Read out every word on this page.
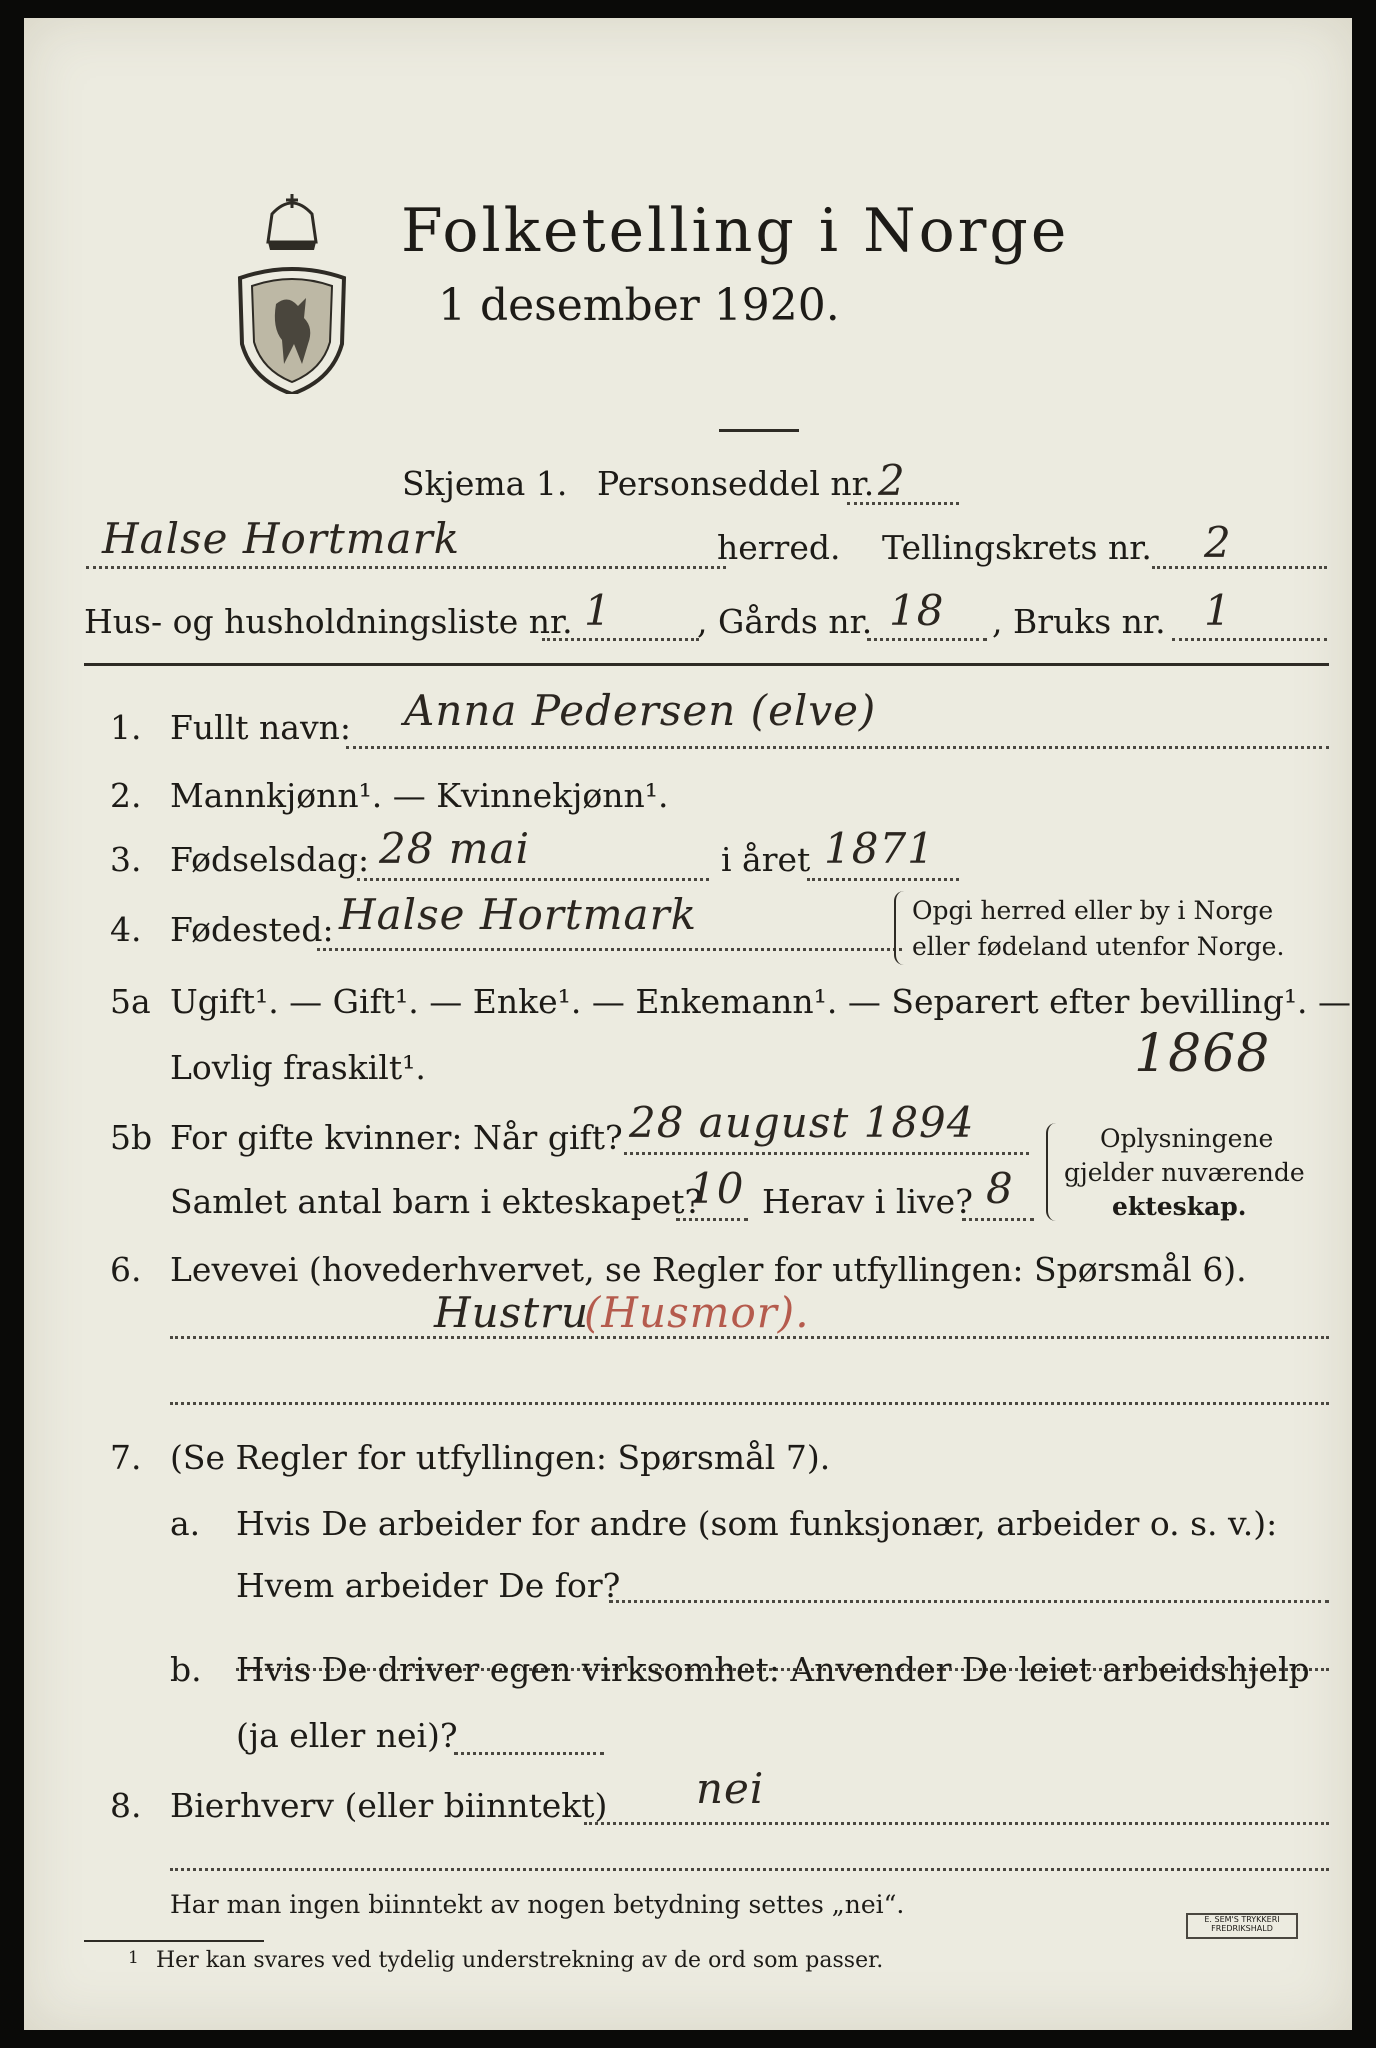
Folketelling i Norge
1 desember 1920.
Skjema 1. Personseddel nr. 2
Halse Hortmark	herred. Tellingskrets nr. 2
Hus- og husholdningsliste nr. 1	, Gårds nr. 18 , Bruks nr. 1
1. Fullt navn: Anna Pedersen (elve)
2. Mannkjønn¹. — Kvinnekjønn¹.
3. Fødselsdag: 28 mai	i året 1871
4. Fødested: Halse Hortmark	Opgi herred eller by i Norge
eller fødeland utenfor Norge.
5a Ugift¹. — Gift¹. — Enke¹. — Enkemann¹. — Separert efter bevilling¹. —
Lovlig fraskilt¹.	1868
5b For gifte kvinner: Når gift? 28 august 1894
Samlet antal barn i ekteskapet?
10 Herav i live? 8
Oplysningene
gjelder nuværende
ekteskap.
6. Levevei (hovederhvervet, se Regler for utfyllingen: Spørsmål 6).
Hustru
(Husmor).
7. (Se Regler for utfyllingen: Spørsmål 7).
a. Hvis De arbeider for andre (som funksjonær, arbeider o. s. v.):
Hvem arbeider De for?
b. Hvis De driver egen virksomhet: Anvender De leiet arbeidshjelp
(ja eller nei)?
8. Bierhverv (eller biinntekt) nei
Har man ingen biinntekt av nogen betydning settes „nei“.
1 Her kan svares ved tydelig understrekning av de ord som passer.
E. SEM'S TRYKKERI FREDRIKSHALD
